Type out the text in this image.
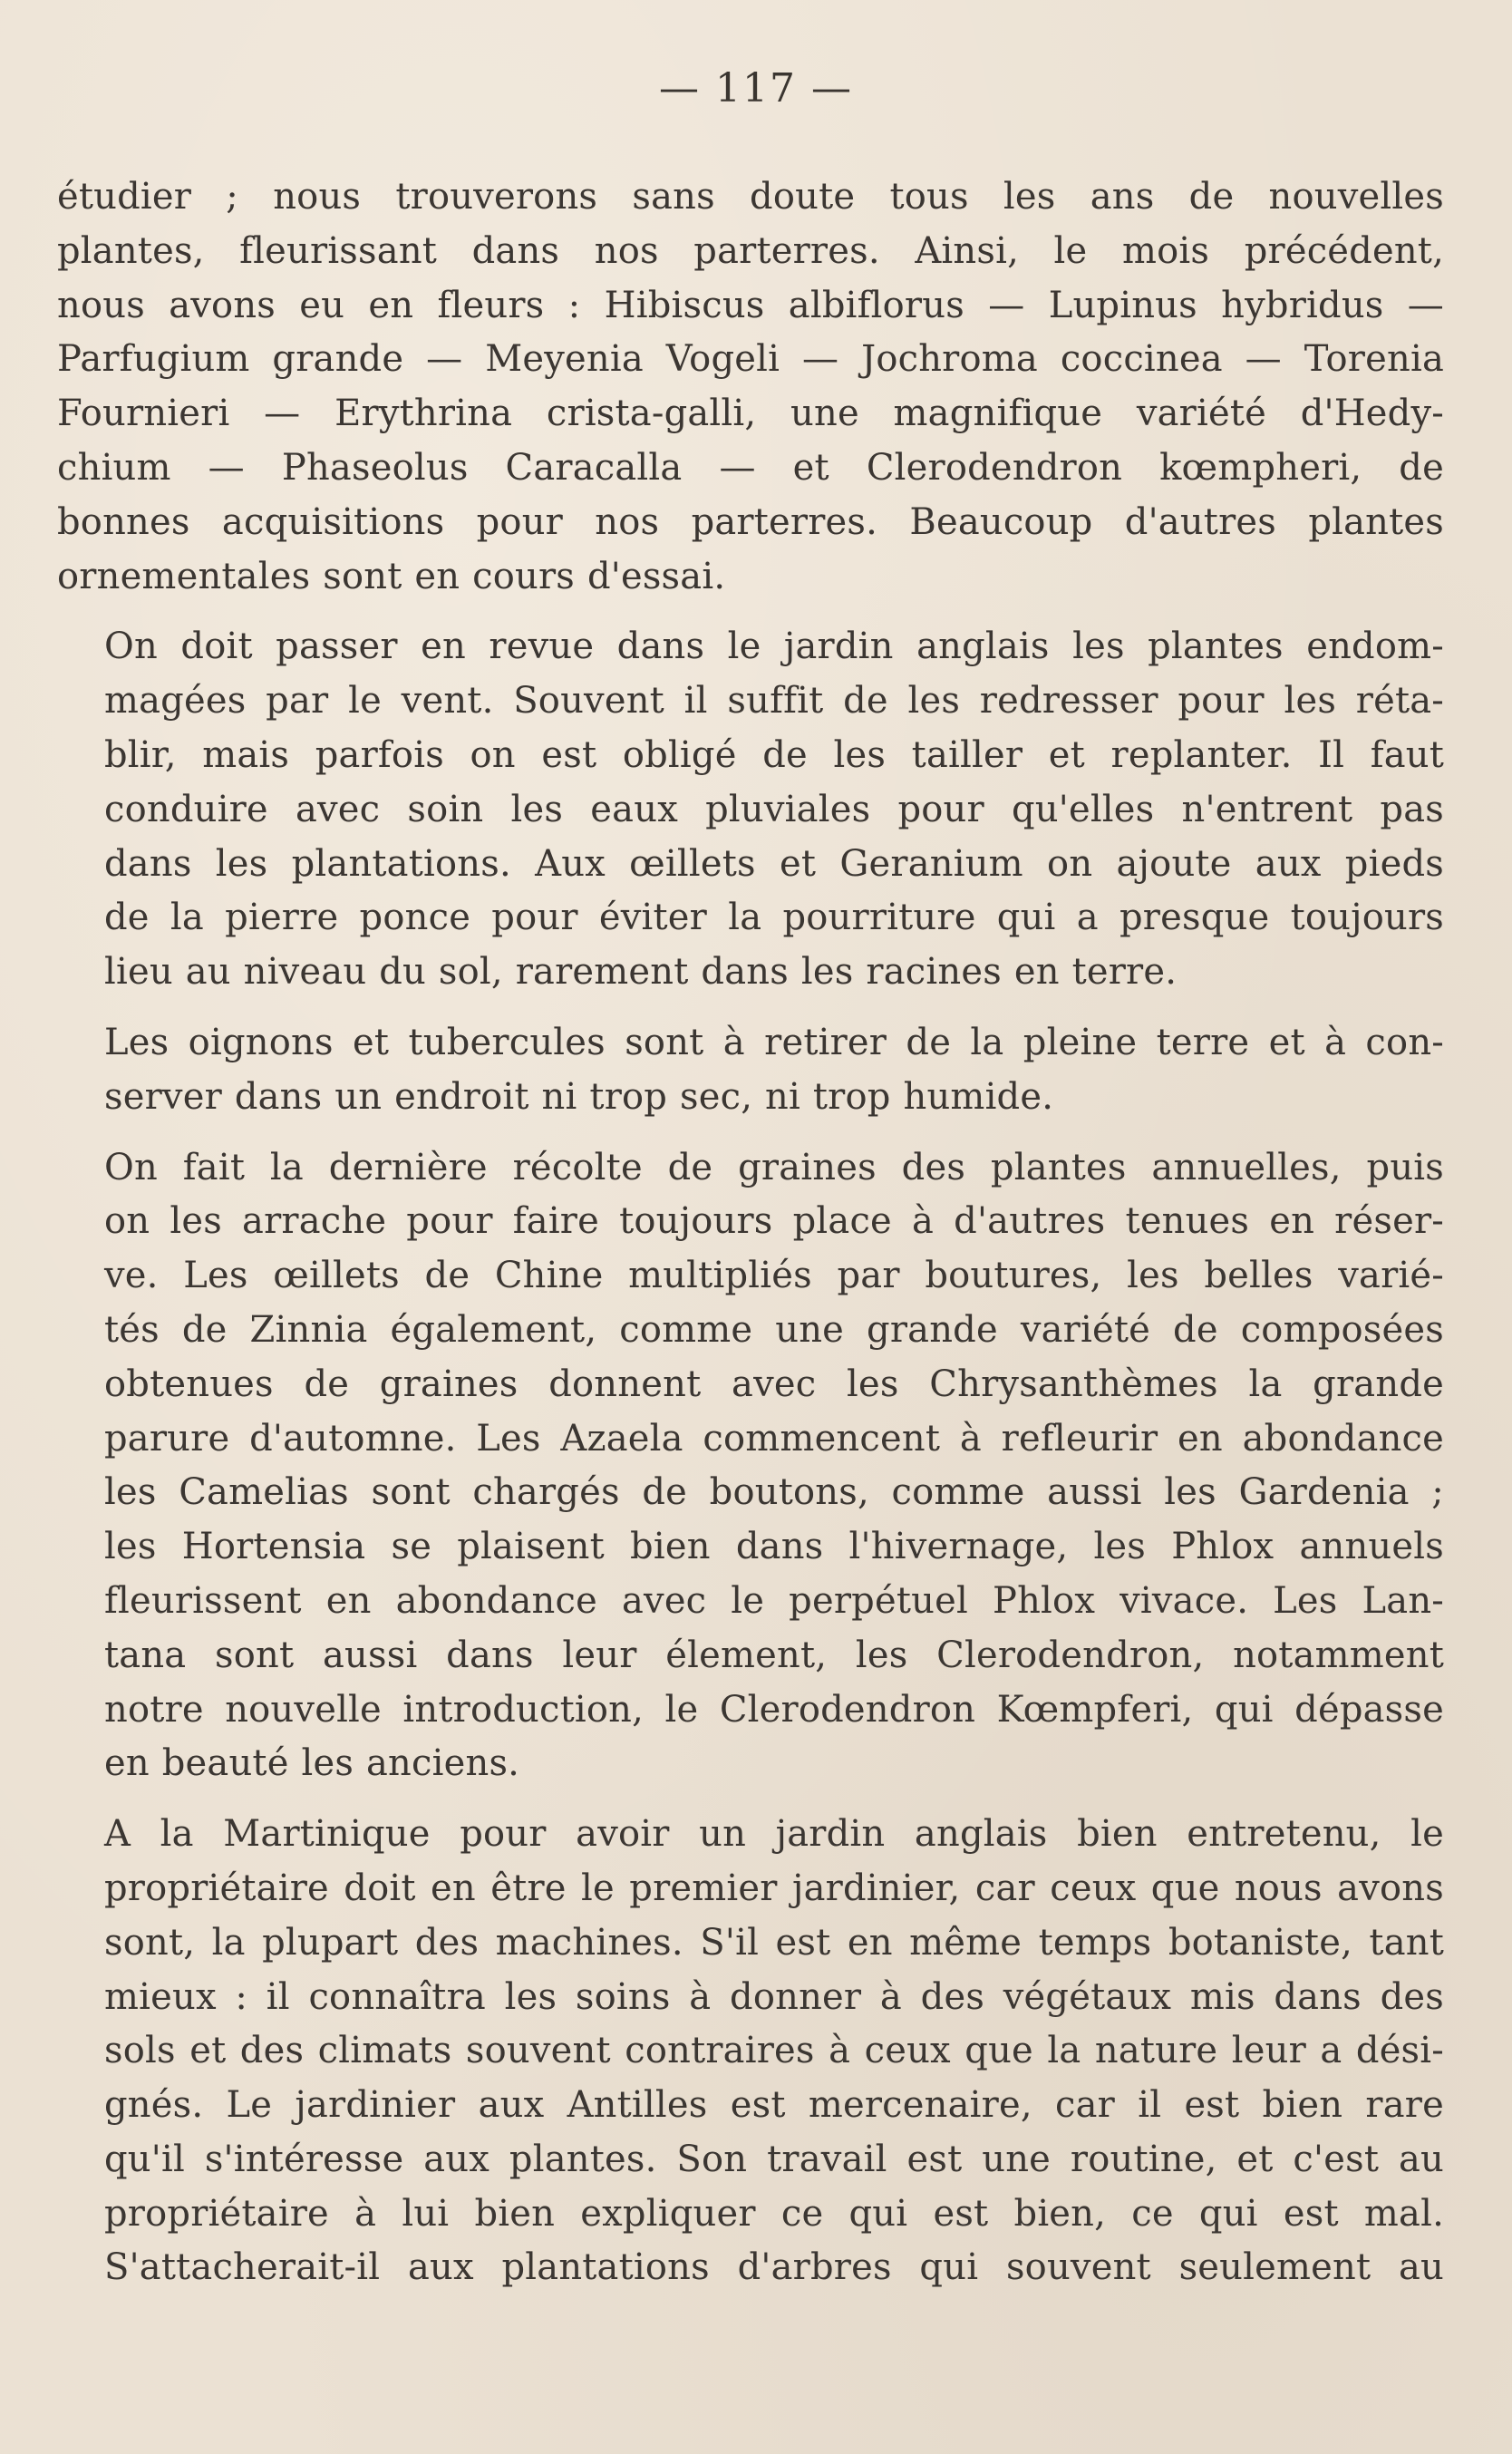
— 117 —

étudier ; nous trouverons sans doute tous les ans de nouvelles
plantes, fleurissant dans nos parterres. Ainsi, le mois précédent,
nous avons eu en fleurs : Hibiscus albiflorus — Lupinus hybridus —
Parfugium grande — Meyenia Vogeli — Jochroma coccinea — Torenia
Fournieri — Erythrina crista-galli, une magnifique variété d'Hedy-
chium — Phaseolus Caracalla — et Clerodendron kœmpheri, de
bonnes acquisitions pour nos parterres. Beaucoup d'autres plantes
ornementales sont en cours d'essai.

On doit passer en revue dans le jardin anglais les plantes endom-
magées par le vent. Souvent il suffit de les redresser pour les réta-
blir, mais parfois on est obligé de les tailler et replanter. Il faut
conduire avec soin les eaux pluviales pour qu'elles n'entrent pas
dans les plantations. Aux œillets et Geranium on ajoute aux pieds
de la pierre ponce pour éviter la pourriture qui a presque toujours
lieu au niveau du sol, rarement dans les racines en terre.

Les oignons et tubercules sont à retirer de la pleine terre et à con-
server dans un endroit ni trop sec, ni trop humide.

On fait la dernière récolte de graines des plantes annuelles, puis
on les arrache pour faire toujours place à d'autres tenues en réser-
ve. Les œillets de Chine multipliés par boutures, les belles varié-
tés de Zinnia également, comme une grande variété de composées
obtenues de graines donnent avec les Chrysanthèmes la grande
parure d'automne. Les Azaela commencent à refleurir en abondance
les Camelias sont chargés de boutons, comme aussi les Gardenia ;
les Hortensia se plaisent bien dans l'hivernage, les Phlox annuels
fleurissent en abondance avec le perpétuel Phlox vivace. Les Lan-
tana sont aussi dans leur élement, les Clerodendron, notamment
notre nouvelle introduction, le Clerodendron Kœmpferi, qui dépasse
en beauté les anciens.

A la Martinique pour avoir un jardin anglais bien entretenu, le
propriétaire doit en être le premier jardinier, car ceux que nous avons
sont, la plupart des machines. S'il est en même temps botaniste, tant
mieux : il connaîtra les soins à donner à des végétaux mis dans des
sols et des climats souvent contraires à ceux que la nature leur a dési-
gnés. Le jardinier aux Antilles est mercenaire, car il est bien rare
qu'il s'intéresse aux plantes. Son travail est une routine, et c'est au
propriétaire à lui bien expliquer ce qui est bien, ce qui est mal.
S'attacherait-il aux plantations d'arbres qui souvent seulement au
